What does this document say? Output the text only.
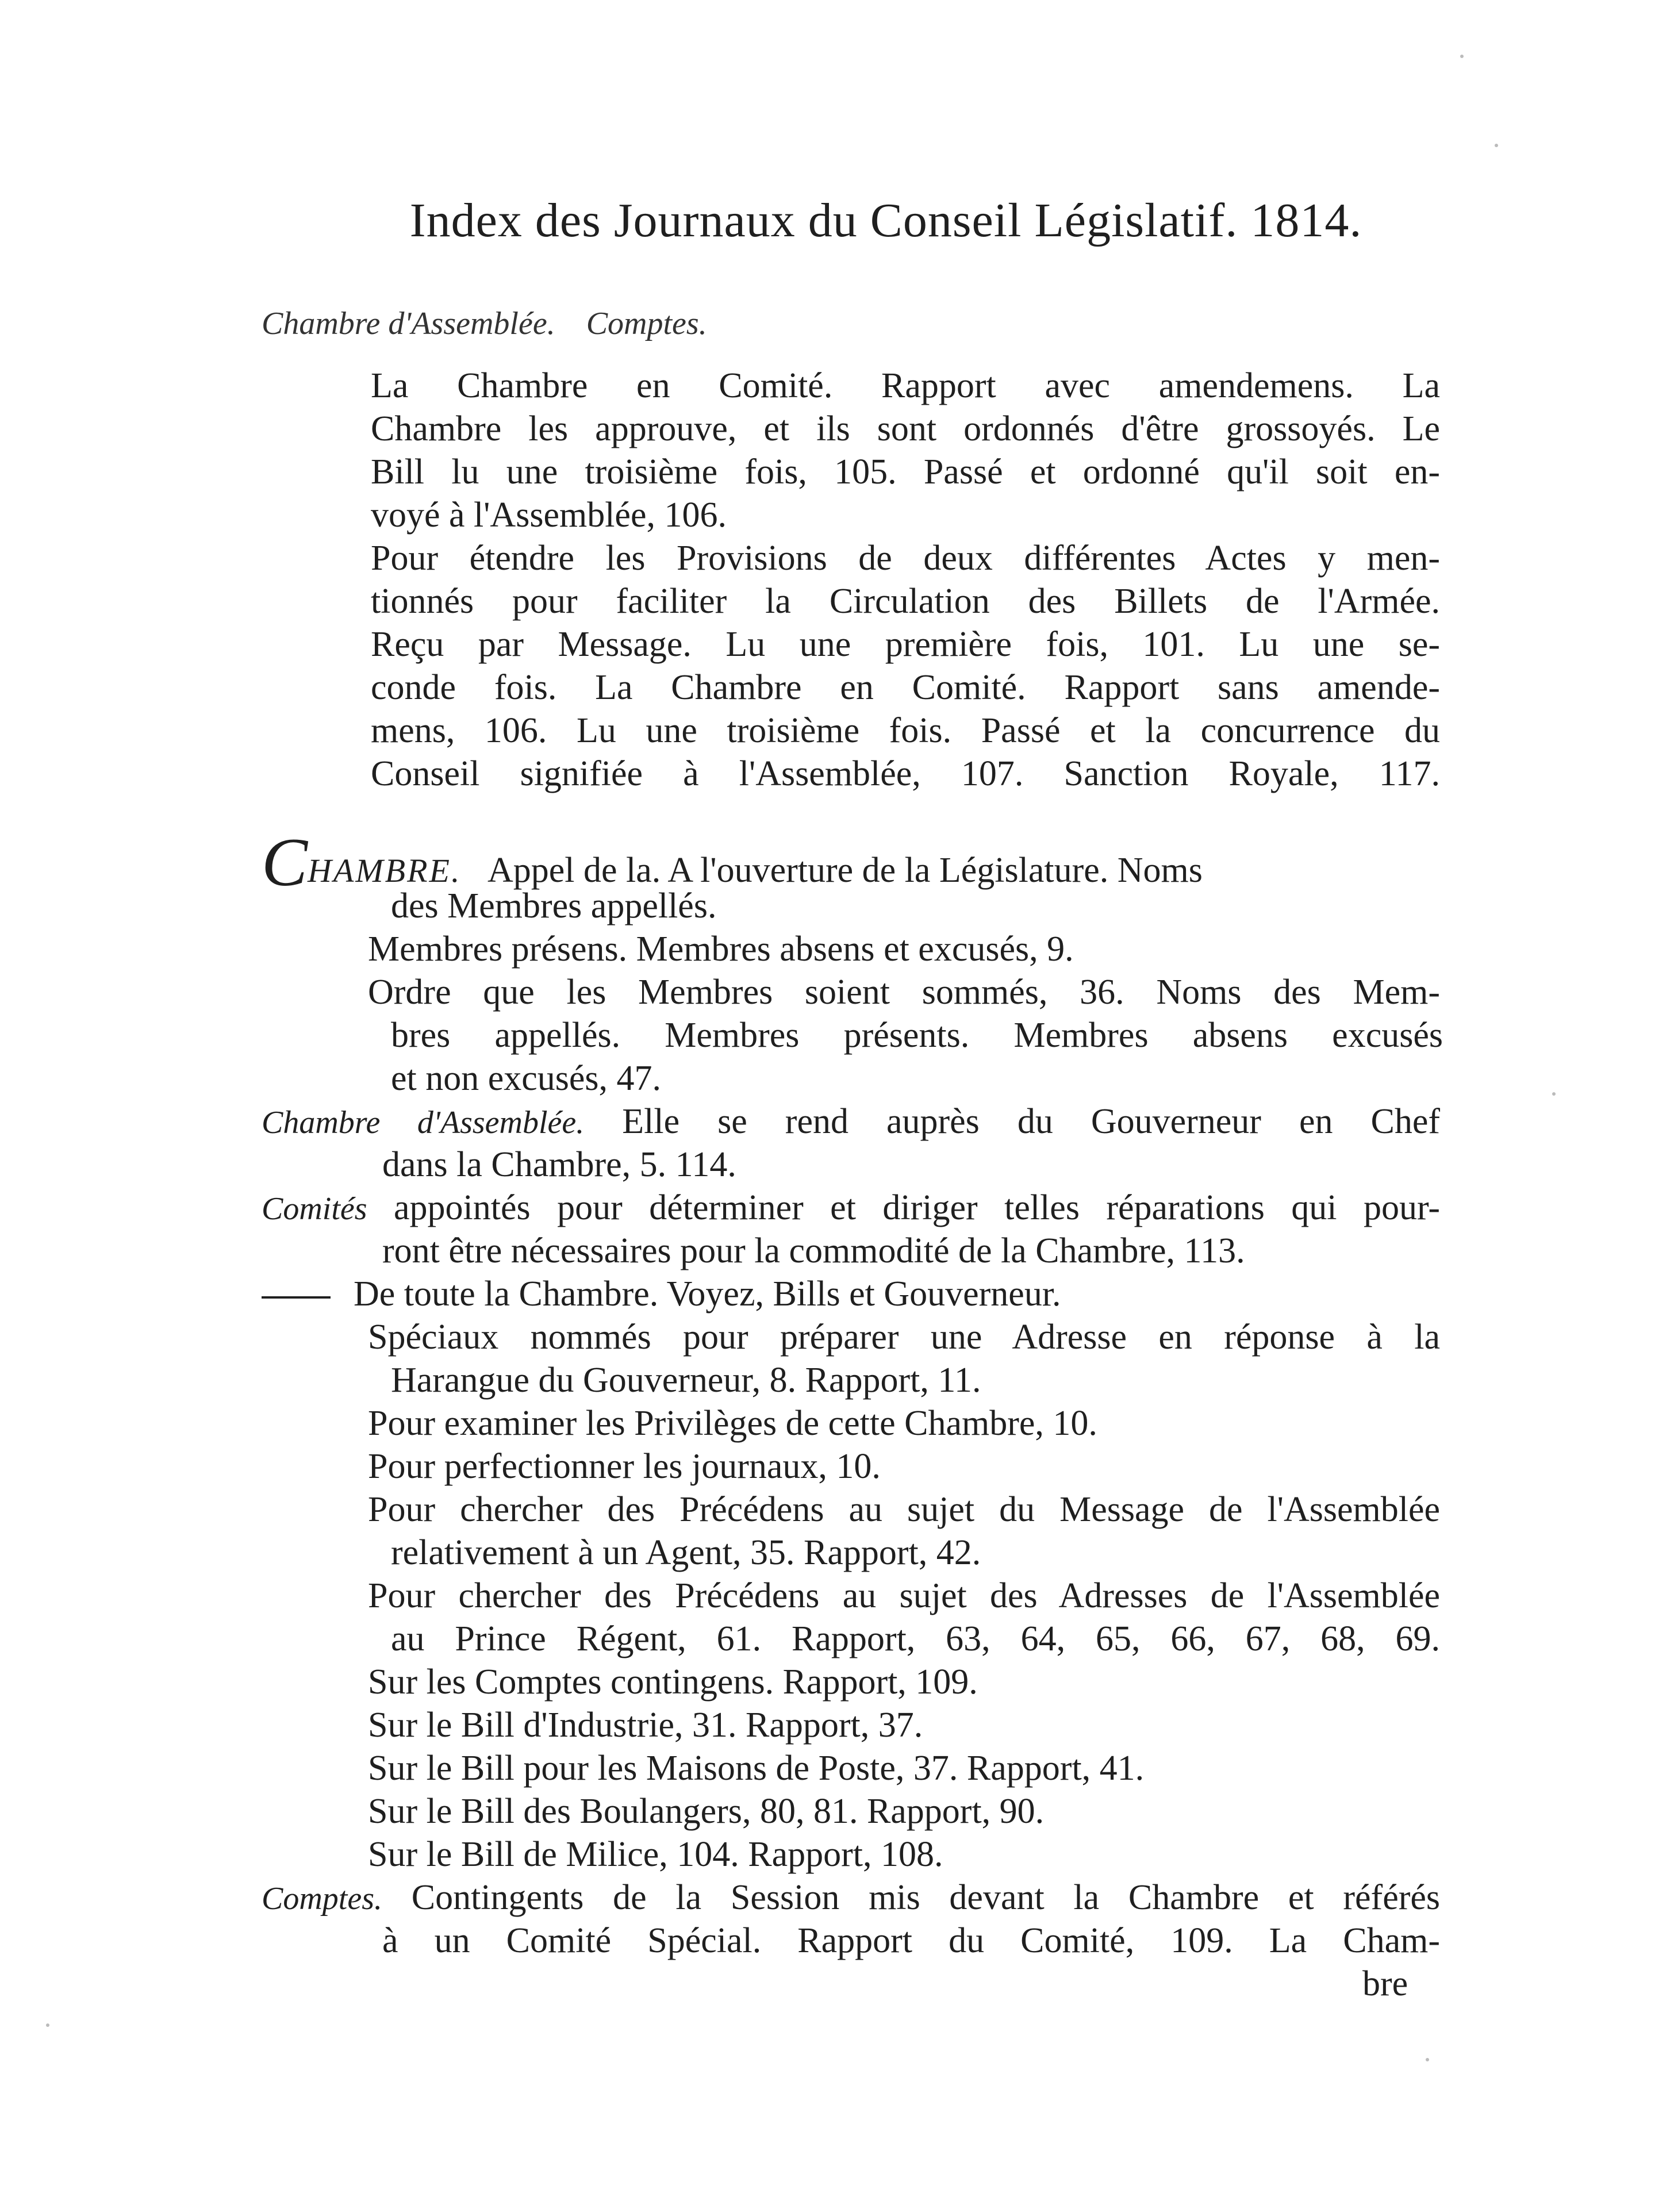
Index des Journaux du Conseil Législatif. 1814.
Chambre d'Assemblée. Comptes.
La Chambre en Comité. Rapport avec amendemens. La
Chambre les approuve, et ils sont ordonnés d'être grossoyés. Le
Bill lu une troisième fois, 105. Passé et ordonné qu'il soit en-
voyé à l'Assemblée, 106.
Pour étendre les Provisions de deux différentes Actes y men-
tionnés pour faciliter la Circulation des Billets de l'Armée.
Reçu par Message. Lu une première fois, 101. Lu une se-
conde fois. La Chambre en Comité. Rapport sans amende-
mens, 106. Lu une troisième fois. Passé et la concurrence du
Conseil signifiée à l'Assemblée, 107. Sanction Royale, 117.
CHAMBRE. Appel de la. A l'ouverture de la Législature. Noms
des Membres appellés.
Membres présens. Membres absens et excusés, 9.
Ordre que les Membres soient sommés, 36. Noms des Mem-
bres appellés. Membres présents. Membres absens excusés
et non excusés, 47.
Chambre d'Assemblée. Elle se rend auprès du Gouverneur en Chef
dans la Chambre, 5. 114.
Comités appointés pour déterminer et diriger telles réparations qui pour-
ront être nécessaires pour la commodité de la Chambre, 113.
De toute la Chambre. Voyez, Bills et Gouverneur.
Spéciaux nommés pour préparer une Adresse en réponse à la
Harangue du Gouverneur, 8. Rapport, 11.
Pour examiner les Privilèges de cette Chambre, 10.
Pour perfectionner les journaux, 10.
Pour chercher des Précédens au sujet du Message de l'Assemblée
relativement à un Agent, 35. Rapport, 42.
Pour chercher des Précédens au sujet des Adresses de l'Assemblée
au Prince Régent, 61. Rapport, 63, 64, 65, 66, 67, 68, 69.
Sur les Comptes contingens. Rapport, 109.
Sur le Bill d'Industrie, 31. Rapport, 37.
Sur le Bill pour les Maisons de Poste, 37. Rapport, 41.
Sur le Bill des Boulangers, 80, 81. Rapport, 90.
Sur le Bill de Milice, 104. Rapport, 108.
Comptes. Contingents de la Session mis devant la Chambre et référés
à un Comité Spécial. Rapport du Comité, 109. La Cham-
bre
